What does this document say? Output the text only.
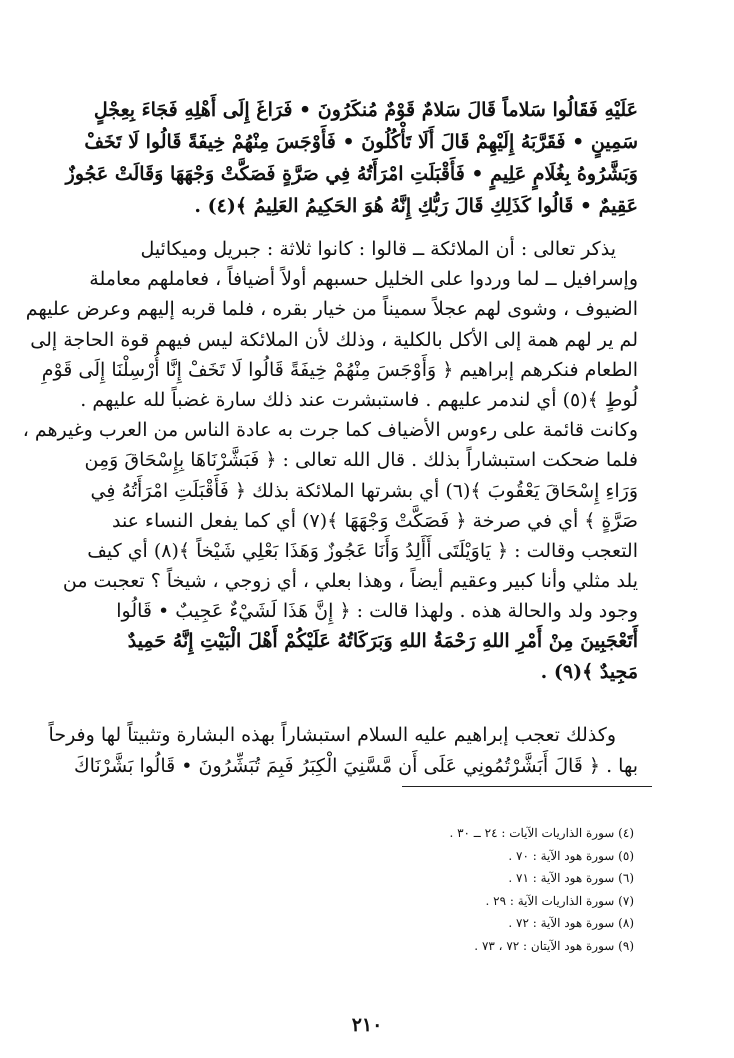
عَلَيْهِ فَقَالُوا سَلاماً قَالَ سَلامٌ قَوْمٌ مُنكَرُونَ • فَرَاغَ إِلَى أَهْلِهِ فَجَاءَ بِعِجْلٍ
سَمِينٍ • فَقَرَّبَهُ إِلَيْهِمْ قَالَ أَلَا تَأْكُلُونَ • فَأَوْجَسَ مِنْهُمْ خِيفَةً قَالُوا لَا تَخَفْ
وَبَشَّرُوهُ بِغُلَامٍ عَلِيمٍ • فَأَقْبَلَتِ امْرَأَتُهُ فِي صَرَّةٍ فَصَكَّتْ وَجْهَهَا وَقَالَتْ عَجُوزٌ
عَقِيمٌ • قَالُوا كَذَلِكِ قَالَ رَبُّكِ إِنَّهُ هُوَ الحَكِيمُ العَلِيمُ ﴾(٤) .
يذكر تعالى : أن الملائكة ــ قالوا : كانوا ثلاثة : جبريل وميكائيل
وإسرافيل ــ لما وردوا على الخليل حسبهم أولاً أضيافاً ، فعاملهم معاملة
الضيوف ، وشوى لهم عجلاً سميناً من خيار بقره ، فلما قربه إليهم وعرض عليهم
لم ير لهم همة إلى الأكل بالكلية ، وذلك لأن الملائكة ليس فيهم قوة الحاجة إلى
الطعام فنكرهم إبراهيم ﴿ وَأَوْجَسَ مِنْهُمْ خِيفَةً قَالُوا لَا تَخَفْ إِنَّا أُرْسِلْنَا إِلَى قَوْمِ
لُوطٍ ﴾(٥) أي لندمر عليهم . فاستبشرت عند ذلك سارة غضباً لله عليهم .
وكانت قائمة على رءوس الأضياف كما جرت به عادة الناس من العرب وغيرهم ،
فلما ضحكت استبشاراً بذلك . قال الله تعالى : ﴿ فَبَشَّرْنَاهَا بِإِسْحَاقَ وَمِن
وَرَاءِ إِسْحَاقَ يَعْقُوبَ ﴾(٦) أي بشرتها الملائكة بذلك ﴿ فَأَقْبَلَتِ امْرَأَتُهُ فِي
صَرَّةٍ ﴾ أي في صرخة ﴿ فَصَكَّتْ وَجْهَهَا ﴾(٧) أي كما يفعل النساء عند
التعجب وقالت : ﴿ يَاوَيْلَتَى أَأَلِدُ وَأَنَا عَجُوزٌ وَهَذَا بَعْلِي شَيْخاً ﴾(٨) أي كيف
يلد مثلي وأنا كبير وعقيم أيضاً ، وهذا بعلي ، أي زوجي ، شيخاً ؟ تعجبت من
وجود ولد والحالة هذه . ولهذا قالت : ﴿ إِنَّ هَذَا لَشَيْءٌ عَجِيبٌ • قَالُوا
أَتَعْجَبِينَ مِنْ أَمْرِ اللهِ رَحْمَةُ اللهِ وَبَرَكَاتُهُ عَلَيْكُمْ أَهْلَ الْبَيْتِ إِنَّهُ حَمِيدٌ
مَجِيدٌ ﴾(٩) .
وكذلك تعجب إبراهيم عليه السلام استبشاراً بهذه البشارة وتثبيتاً لها وفرحاً
بها . ﴿ قَالَ أَبَشَّرْتُمُونِي عَلَى أَن مَّسَّنِيَ الْكِبَرُ فَبِمَ تُبَشِّرُونَ • قَالُوا بَشَّرْنَاكَ
(٤) سورة الذاريات الآيات : ٢٤ ــ ٣٠ .
(٥) سورة هود الآية : ٧٠ .
(٦) سورة هود الآية : ٧١ .
(٧) سورة الذاريات الآية : ٢٩ .
(٨) سورة هود الآية : ٧٢ .
(٩) سورة هود الآيتان : ٧٢ ، ٧٣ .
٢١٠
